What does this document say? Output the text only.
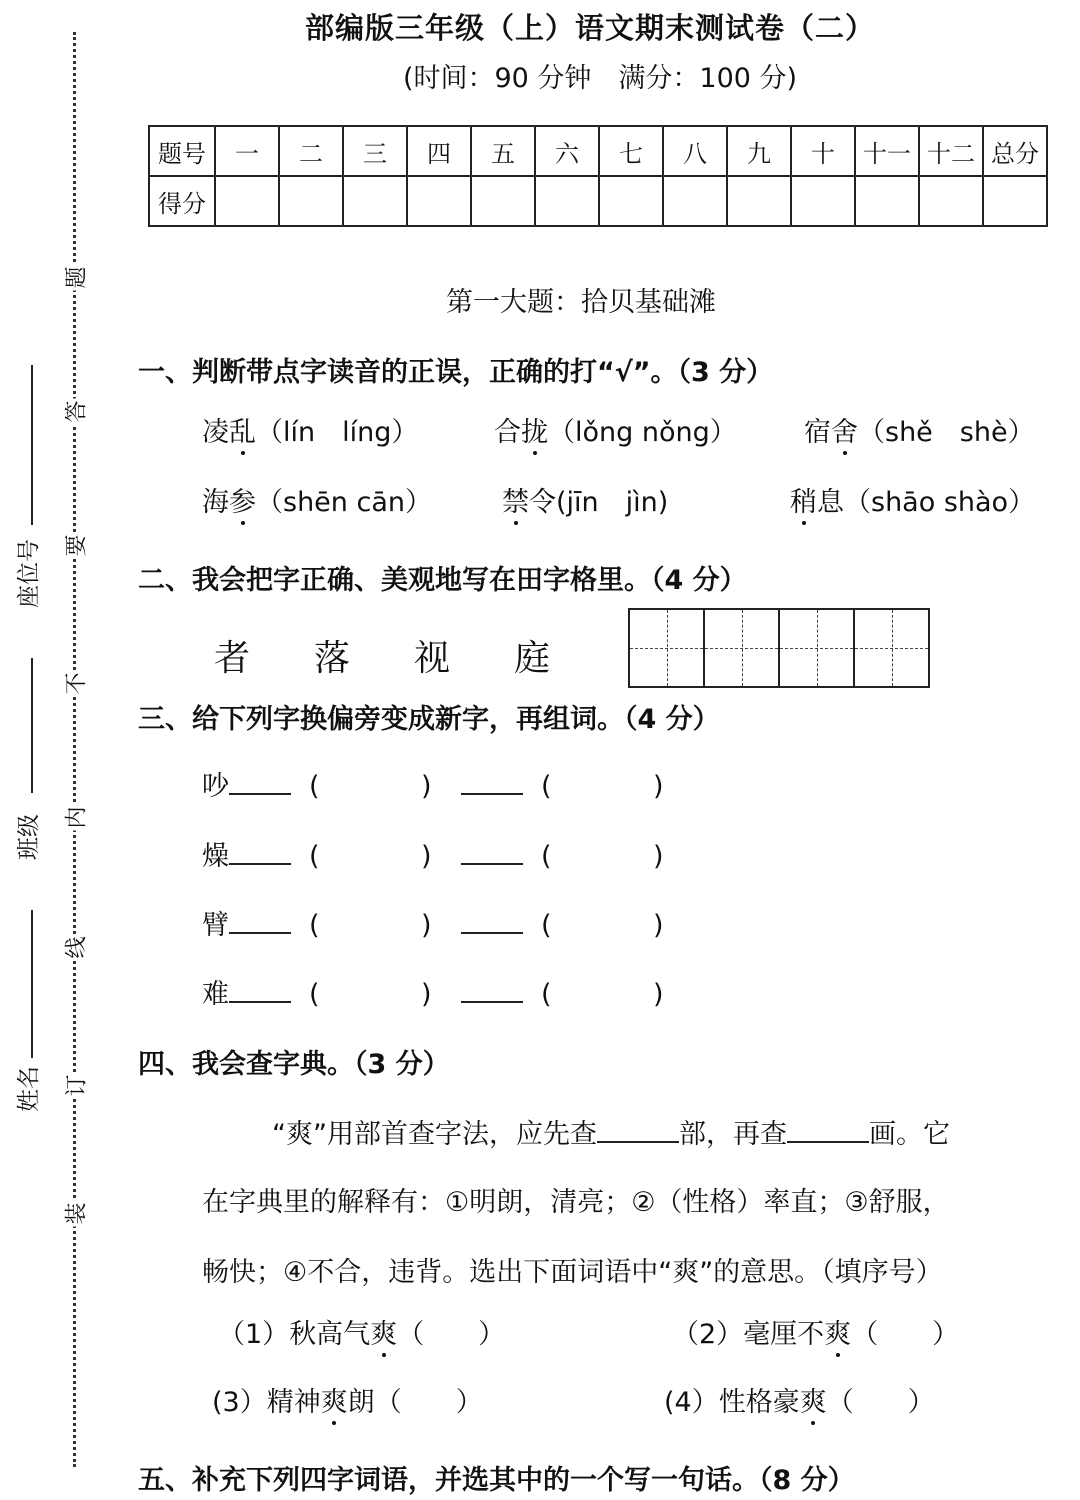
题
答
要
不
内
线
订
装
座位号
班级
姓名
部编版三年级（上）语文期末测试卷（二）
(时间：90 分钟　满分：100 分)
题号	一	二	三	四	五	六	七	八	九	十	十一	十二	总分
得分													
第一大题：拾贝基础滩
一、判断带点字读音的正误，正确的打“√”。（3 分）
凌乱（lín　líng）	合拢（lǒng nǒng） 宿舍（shě　shè）
海参（shēn cān）	禁令(jīn　jìn)	稍息（shāo shào）
二、我会把字正确、美观地写在田字格里。（4 分）
者 落 视 庭
三、给下列字换偏旁变成新字，再组词。（4 分）
吵	(	)	(	)
燥	(	)	(	)
臂	(	)	(	)
难	(	)	(	)
四、我会查字典。（3 分）
“爽”用部首查字法，应先查	部，再查	画。它
在字典里的解释有：①明朗，清亮；②（性格）率直；③舒服，
畅快；④不合，违背。选出下面词语中“爽”的意思。（填序号）
（1）秋高气爽（　　）	（2）毫厘不爽（　　）
(3）精神爽朗（　　）	(4）性格豪爽（　　）
五、补充下列四字词语，并选其中的一个写一句话。（8 分）
